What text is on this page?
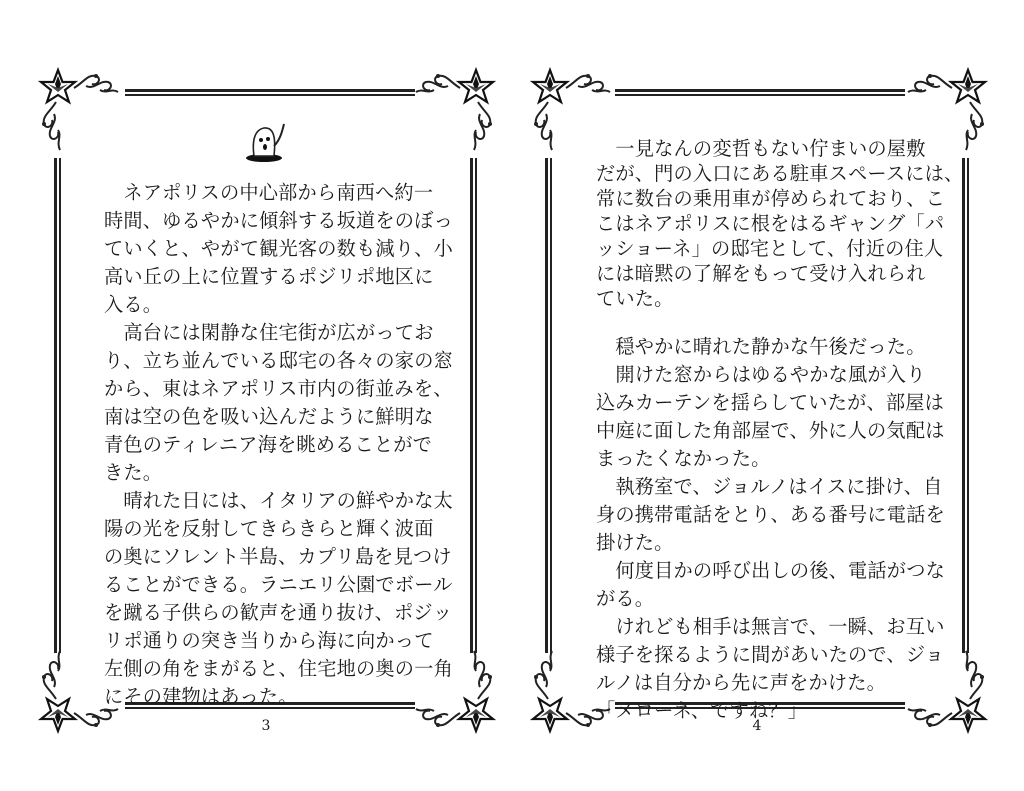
　ネアポリスの中心部から南西へ約一
時間、ゆるやかに傾斜する坂道をのぼっ
ていくと、やがて観光客の数も減り、小
高い丘の上に位置するポジリポ地区に
入る。
　高台には閑静な住宅街が広がってお
り、立ち並んでいる邸宅の各々の家の窓
から、東はネアポリス市内の街並みを、
南は空の色を吸い込んだように鮮明な
青色のティレニア海を眺めることがで
きた。
　晴れた日には、イタリアの鮮やかな太
陽の光を反射してきらきらと輝く波面
の奥にソレント半島、カプリ島を見つけ
ることができる。ラニエリ公園でボール
を蹴る子供らの歓声を通り抜け、ポジッ
リポ通りの突き当りから海に向かって
左側の角をまがると、住宅地の奥の一角
にその建物はあった。
3
　一見なんの変哲もない佇まいの屋敷
だが、門の入口にある駐車スペースには、
常に数台の乗用車が停められており、こ
こはネアポリスに根をはるギャング「パ
ッショーネ」の邸宅として、付近の住人
には暗黙の了解をもって受け入れられ
ていた。
　穏やかに晴れた静かな午後だった。
　開けた窓からはゆるやかな風が入り
込みカーテンを揺らしていたが、部屋は
中庭に面した角部屋で、外に人の気配は
まったくなかった。
　執務室で、ジョルノはイスに掛け、自
身の携帯電話をとり、ある番号に電話を
掛けた。
　何度目かの呼び出しの後、電話がつな
がる。
　けれども相手は無言で、一瞬、お互い
様子を探るように間があいたので、ジョ
ルノは自分から先に声をかけた。
「メローネ、ですね？」
4
